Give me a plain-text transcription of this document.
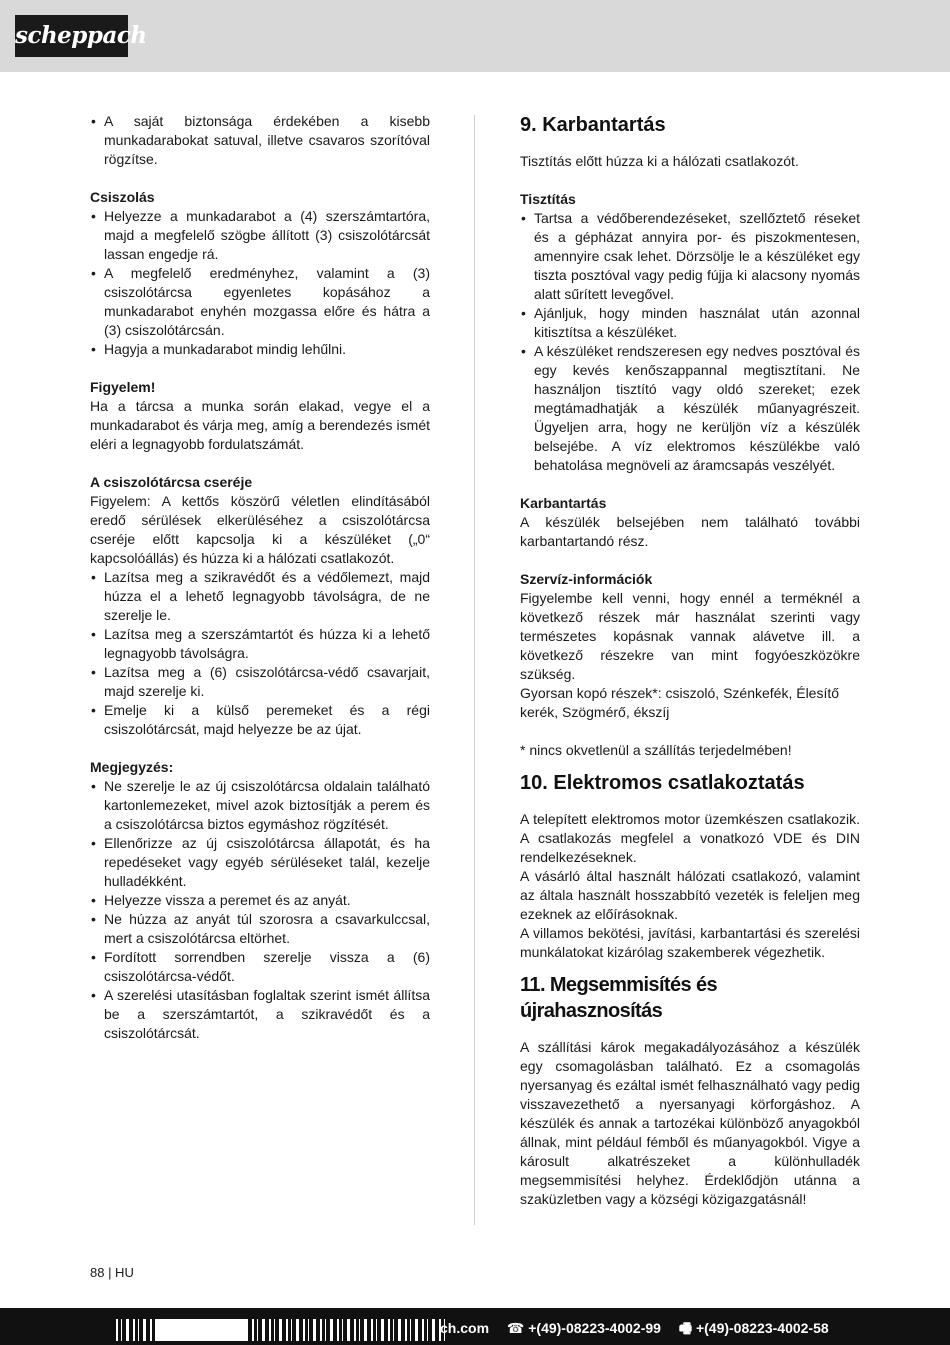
scheppach
• A saját biztonsága érdekében a kisebb munkadarabokat satuval, illetve csavaros szorítóval rögzítse.
Csiszolás
• Helyezze a munkadarabot a (4) szerszámtartóra, majd a megfelelő szögbe állított (3) csiszolótárcsát lassan engedje rá.
• A megfelelő eredményhez, valamint a (3) csiszolótárcsa egyenletes kopásához a munkadarabot enyhén mozgassa előre és hátra a (3) csiszolótárcsán.
• Hagyja a munkadarabot mindig lehűlni.
Figyelem!

Ha a tárcsa a munka során elakad, vegye el a munkadarabot és várja meg, amíg a berendezés ismét eléri a legnagyobb fordulatszámát.

A csiszolótárcsa cseréje

Figyelem: A kettős köszörű véletlen elindításából eredő sérülések elkerüléséhez a csiszolótárcsa cseréje előtt kapcsolja ki a készüléket („0“ kapcsolóállás) és húzza ki a hálózati csatlakozót.

• Lazítsa meg a szikravédőt és a védőlemezt, majd húzza el a lehető legnagyobb távolságra, de ne szerelje le.
• Lazítsa meg a szerszámtartót és húzza ki a lehető legnagyobb távolságra.
• Lazítsa meg a (6) csiszolótárcsa-védő csavarjait, majd szerelje ki.
• Emelje ki a külső peremeket és a régi csiszolótárcsát, majd helyezze be az újat.
Megjegyzés:
• Ne szerelje le az új csiszolótárcsa oldalain található kartonlemezeket, mivel azok biztosítják a perem és a csiszolótárcsa biztos egymáshoz rögzítését.
• Ellenőrizze az új csiszolótárcsa állapotát, és ha repedéseket vagy egyéb sérüléseket talál, kezelje hulladékként.
• Helyezze vissza a peremet és az anyát.
• Ne húzza az anyát túl szorosra a csavarkulccsal, mert a csiszolótárcsa eltörhet.
• Fordított sorrendben szerelje vissza a (6) csiszolótárcsa-védőt.
• A szerelési utasításban foglaltak szerint ismét állítsa be a szerszámtartót, a szikravédőt és a csiszolótárcsát.
9. Karbantartás

Tisztítás előtt húzza ki a hálózati csatlakozót.

Tisztítás
• Tartsa a védőberendezéseket, szellőztető réseket és a gépházat annyira por- és piszokmentesen, amennyire csak lehet. Dörzsölje le a készüléket egy tiszta posztóval vagy pedig fújja ki alacsony nyomás alatt sűrített levegővel.
• Ajánljuk, hogy minden használat után azonnal kitisztítsa a készüléket.
• A készüléket rendszeresen egy nedves posztóval és egy kevés kenőszappannal megtisztítani. Ne használjon tisztító vagy oldó szereket; ezek megtámadhatják a készülék műanyagrészeit. Ügyeljen arra, hogy ne kerüljön víz a készülék belsejébe. A víz elektromos készülékbe való behatolása megnöveli az áramcsapás veszélyét.
Karbantartás

A készülék belsejében nem található további karbantartandó rész.

Szervíz-információk

Figyelembe kell venni, hogy ennél a terméknél a következő részek már használat szerinti vagy természetes kopásnak vannak alávetve ill. a következő részekre van mint fogyóeszközökre szükség.

Gyorsan kopó részek*: csiszoló, Szénkefék, Élesítő kerék, Szögmérő, ékszíj

* nincs okvetlenül a szállítás terjedelmében!

10. Elektromos csatlakoztatás

A telepített elektromos motor üzemkészen csatlakozik. A csatlakozás megfelel a vonatkozó VDE és DIN rendelkezéseknek.

A vásárló által használt hálózati csatlakozó, valamint az általa használt hosszabbító vezeték is feleljen meg ezeknek az előírásoknak.

A villamos bekötési, javítási, karbantartási és szerelési munkálatokat kizárólag szakemberek végezhetik.

11. Megsemmisítés és újrahasznosítás

A szállítási károk megakadályozásához a készülék egy csomagolásban található. Ez a csomagolás nyersanyag és ezáltal ismét felhasználható vagy pedig visszavezethető a nyersanyagi körforgáshoz. A készülék és annak a tartozékai különböző anyagokból állnak, mint például fémből és műanyagokból. Vigye a károsult alkatrészeket a különhulladék megsemmisítési helyhez. Érdeklődjön utánna a szaküzletben vagy a községi közigazgatásnál!

88 | HU
ch.com ☎ +(49)-08223-4002-99 🖷 +(49)-08223-4002-58
